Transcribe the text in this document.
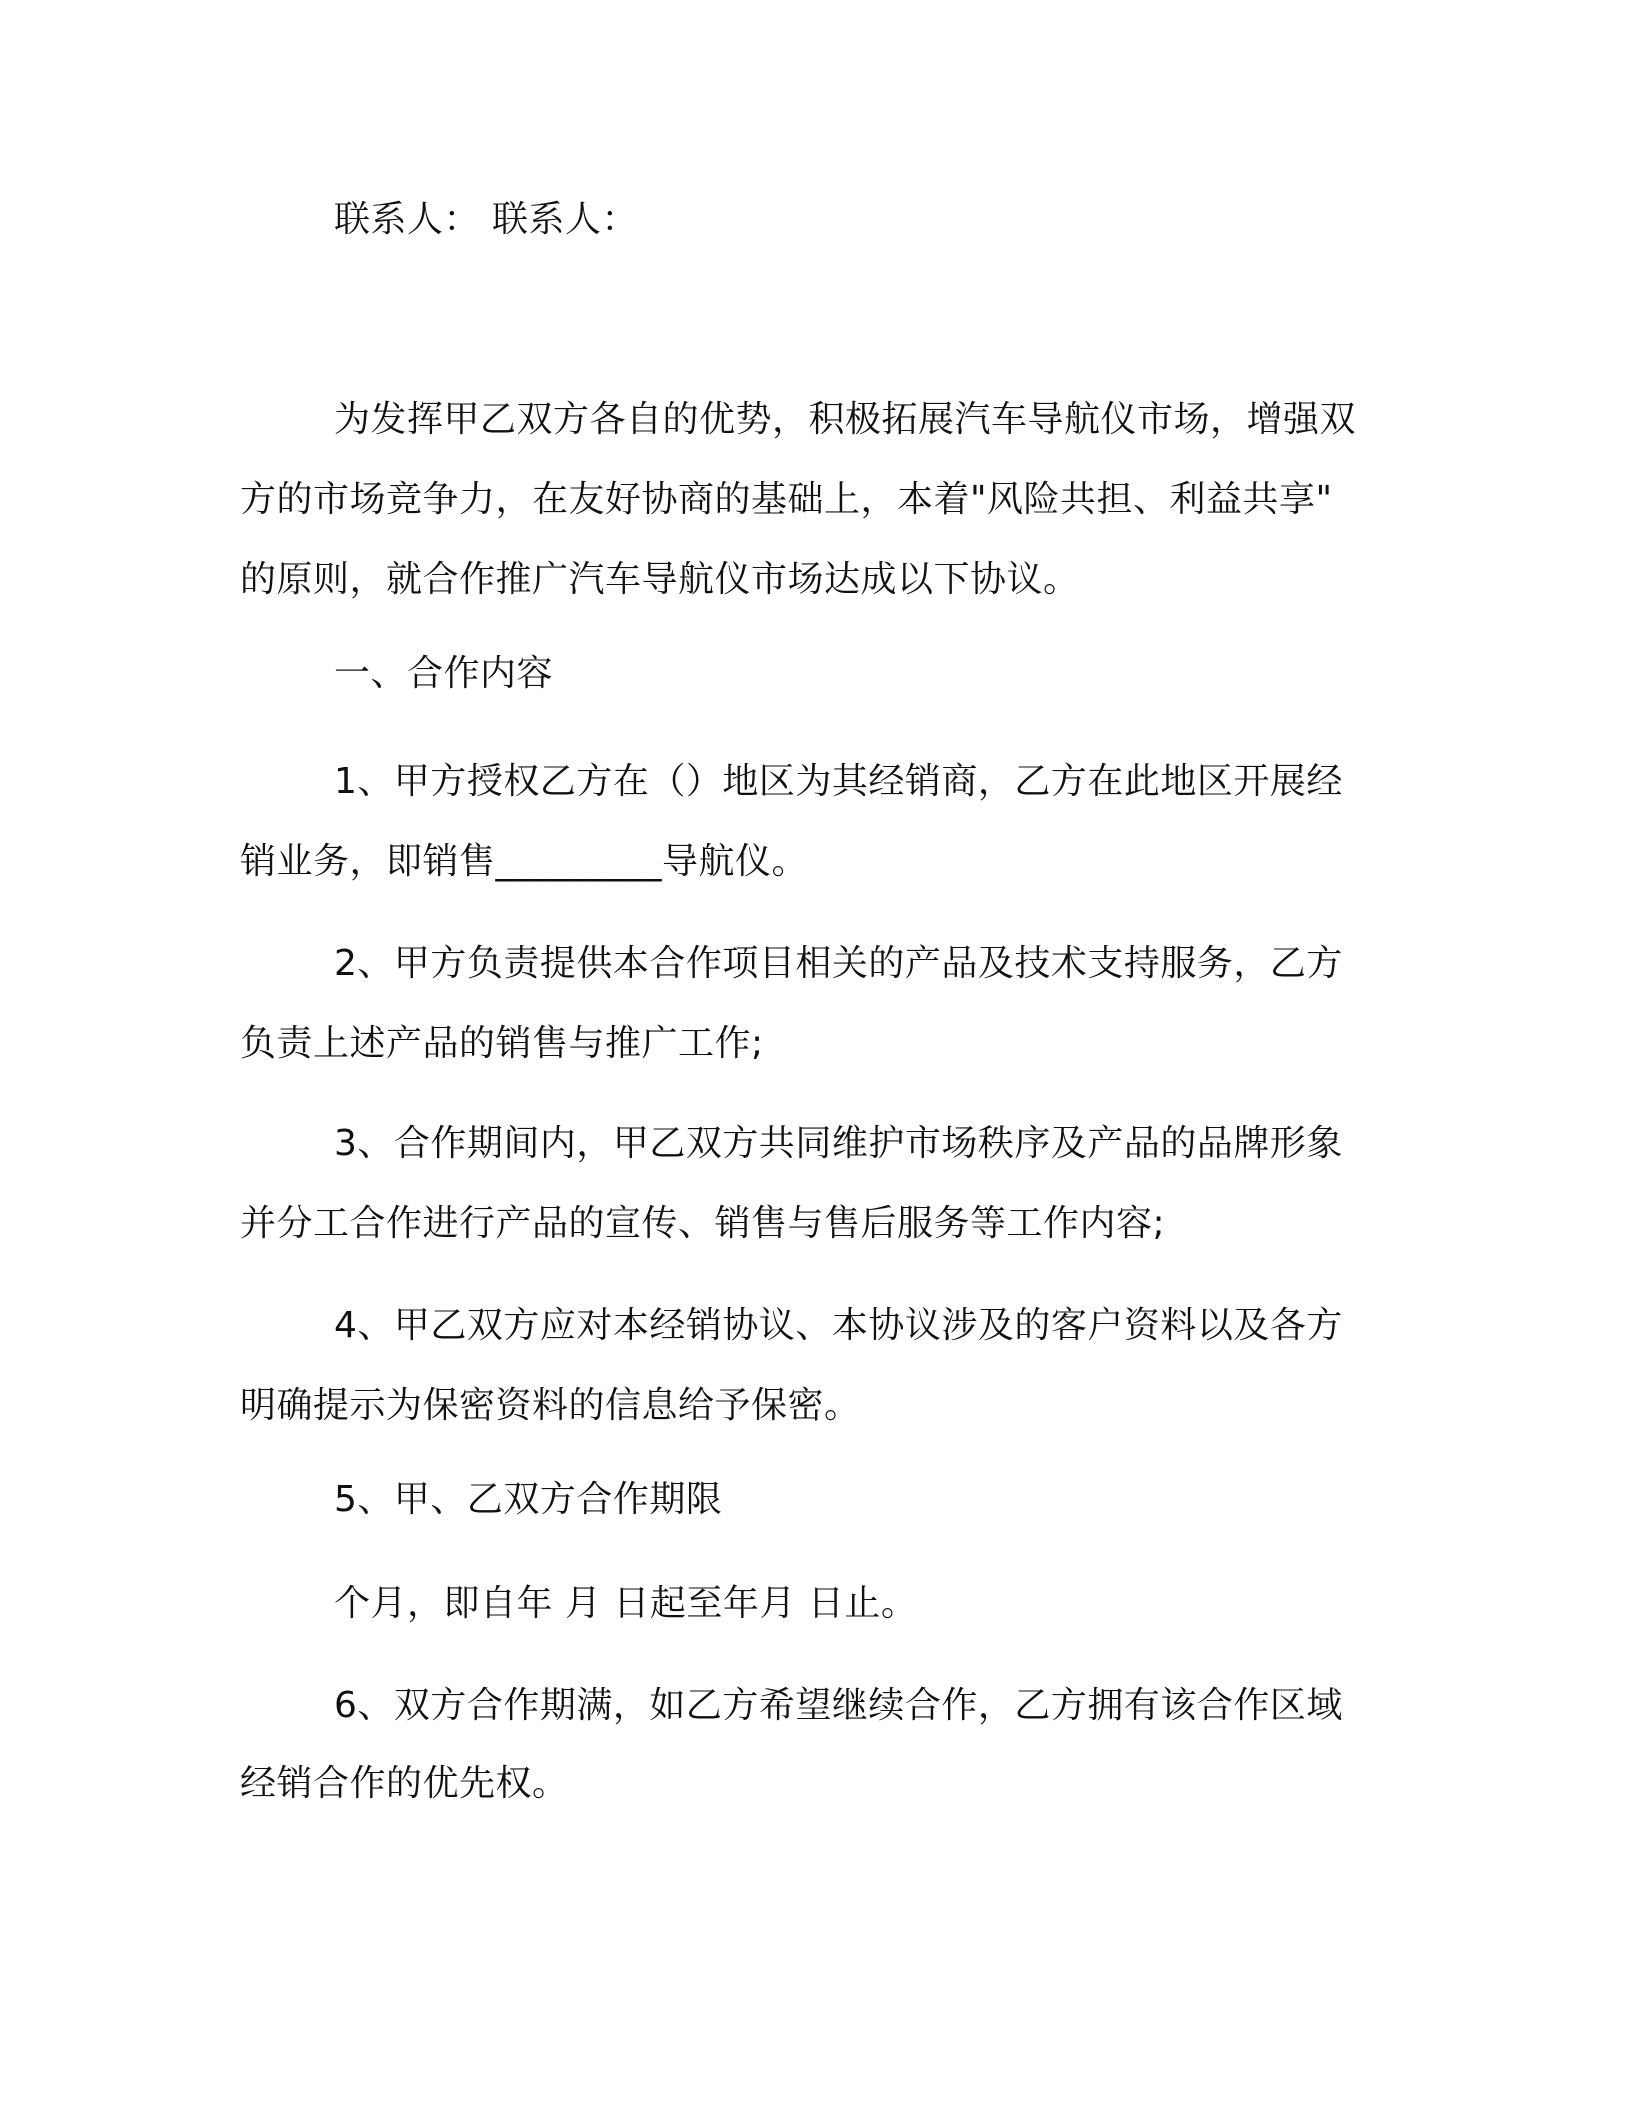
联系人： 联系人：
为发挥甲乙双方各自的优势，积极拓展汽车导航仪市场，增强双
方的市场竞争力，在友好协商的基础上，本着"风险共担、利益共享"
的原则，就合作推广汽车导航仪市场达成以下协议。
一、合作内容
1、甲方授权乙方在（）地区为其经销商，乙方在此地区开展经
销业务，即销售_________导航仪。
2、甲方负责提供本合作项目相关的产品及技术支持服务，乙方
负责上述产品的销售与推广工作;
3、合作期间内，甲乙双方共同维护市场秩序及产品的品牌形象
并分工合作进行产品的宣传、销售与售后服务等工作内容;
4、甲乙双方应对本经销协议、本协议涉及的客户资料以及各方
明确提示为保密资料的信息给予保密。
5、甲、乙双方合作期限
个月，即自年 月 日起至年月 日止。
6、双方合作期满，如乙方希望继续合作，乙方拥有该合作区域
经销合作的优先权。
